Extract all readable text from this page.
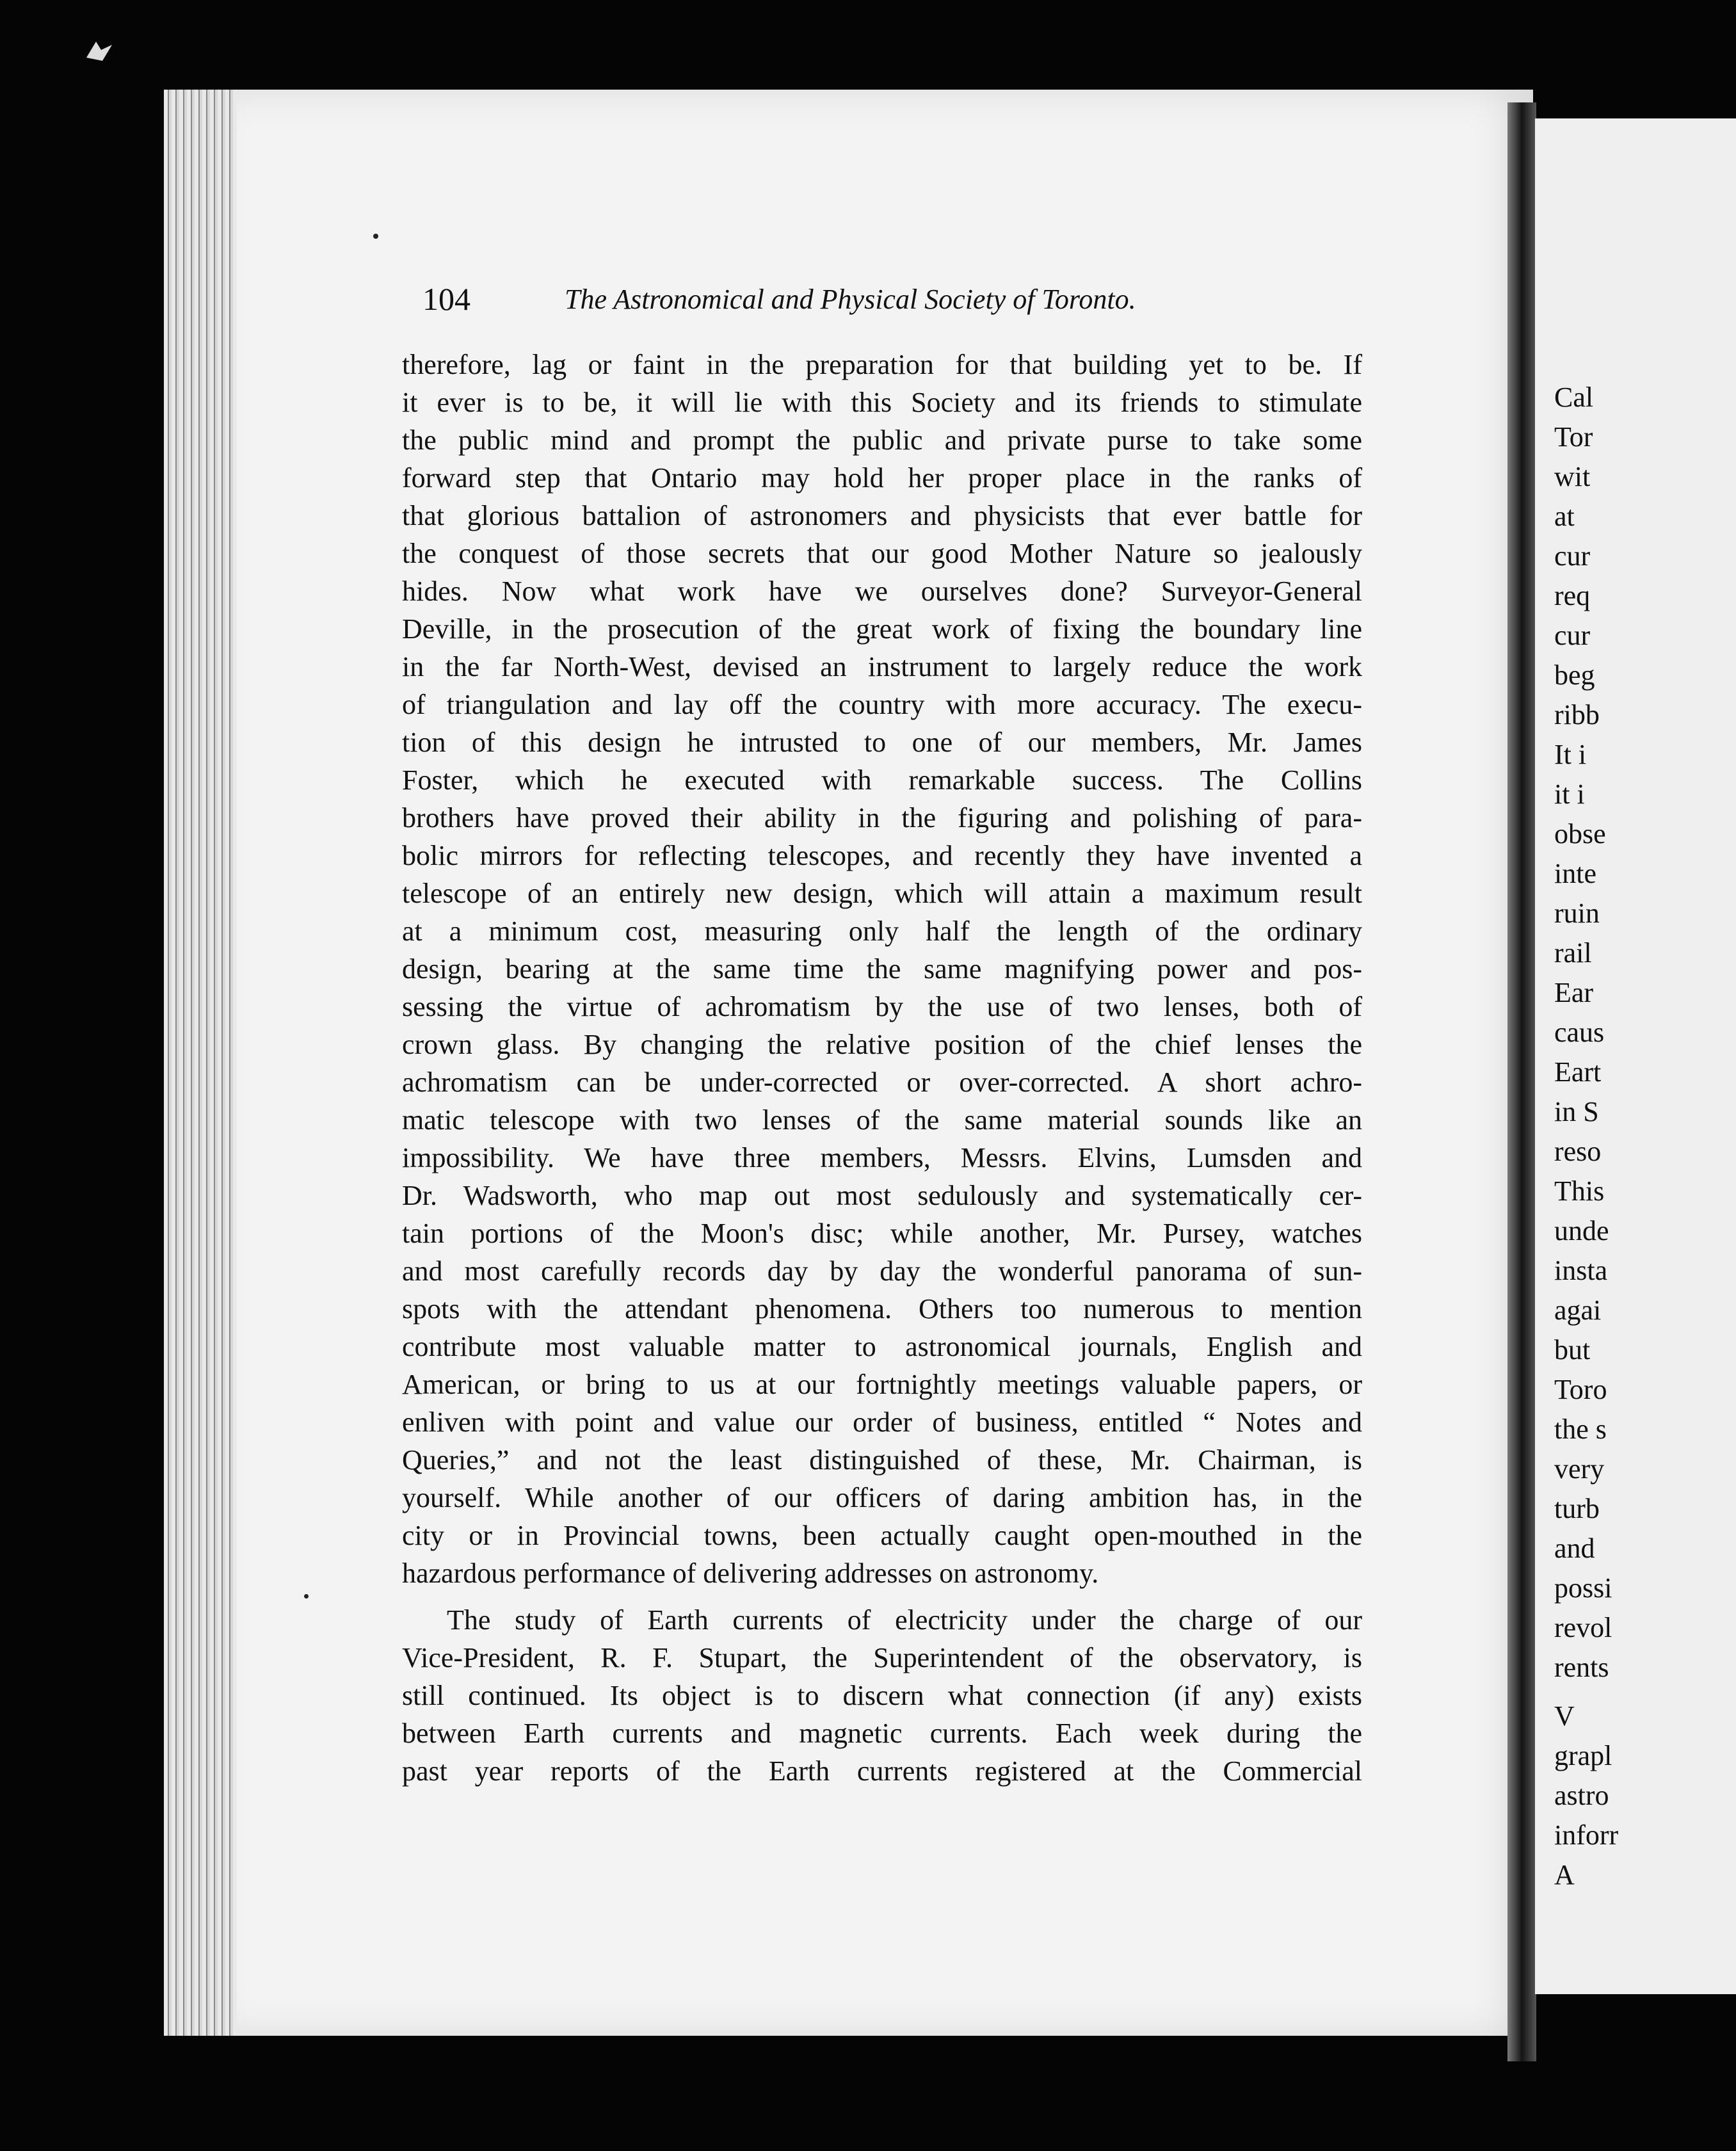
Cal
Tor
wit
at
cur
req
cur
beg
ribb
It i
it i
obse
inte
ruin
rail
Ear
caus
Eart
in S
reso
This
unde
insta
agai
but
Toro
the s
very
turb
and
possi
revol
rents
V
grapl
astro
inforr
A
104	The Astronomical and Physical Society of Toronto.
therefore, lag or faint in the preparation for that building yet to be. If
it ever is to be, it will lie with this Society and its friends to stimulate
the public mind and prompt the public and private purse to take some
forward step that Ontario may hold her proper place in the ranks of
that glorious battalion of astronomers and physicists that ever battle for
the conquest of those secrets that our good Mother Nature so jealously
hides. Now what work have we ourselves done? Surveyor-General
Deville, in the prosecution of the great work of fixing the boundary line
in the far North-West, devised an instrument to largely reduce the work
of triangulation and lay off the country with more accuracy. The execu-
tion of this design he intrusted to one of our members, Mr. James
Foster, which he executed with remarkable success. The Collins
brothers have proved their ability in the figuring and polishing of para-
bolic mirrors for reflecting telescopes, and recently they have invented a
telescope of an entirely new design, which will attain a maximum result
at a minimum cost, measuring only half the length of the ordinary
design, bearing at the same time the same magnifying power and pos-
sessing the virtue of achromatism by the use of two lenses, both of
crown glass. By changing the relative position of the chief lenses the
achromatism can be under-corrected or over-corrected. A short achro-
matic telescope with two lenses of the same material sounds like an
impossibility. We have three members, Messrs. Elvins, Lumsden and
Dr. Wadsworth, who map out most sedulously and systematically cer-
tain portions of the Moon's disc; while another, Mr. Pursey, watches
and most carefully records day by day the wonderful panorama of sun-
spots with the attendant phenomena. Others too numerous to mention
contribute most valuable matter to astronomical journals, English and
American, or bring to us at our fortnightly meetings valuable papers, or
enliven with point and value our order of business, entitled “ Notes and
Queries,” and not the least distinguished of these, Mr. Chairman, is
yourself. While another of our officers of daring ambition has, in the
city or in Provincial towns, been actually caught open-mouthed in the
hazardous performance of delivering addresses on astronomy.
The study of Earth currents of electricity under the charge of our
Vice-President, R. F. Stupart, the Superintendent of the observatory, is
still continued. Its object is to discern what connection (if any) exists
between Earth currents and magnetic currents. Each week during the
past year reports of the Earth currents registered at the Commercial
